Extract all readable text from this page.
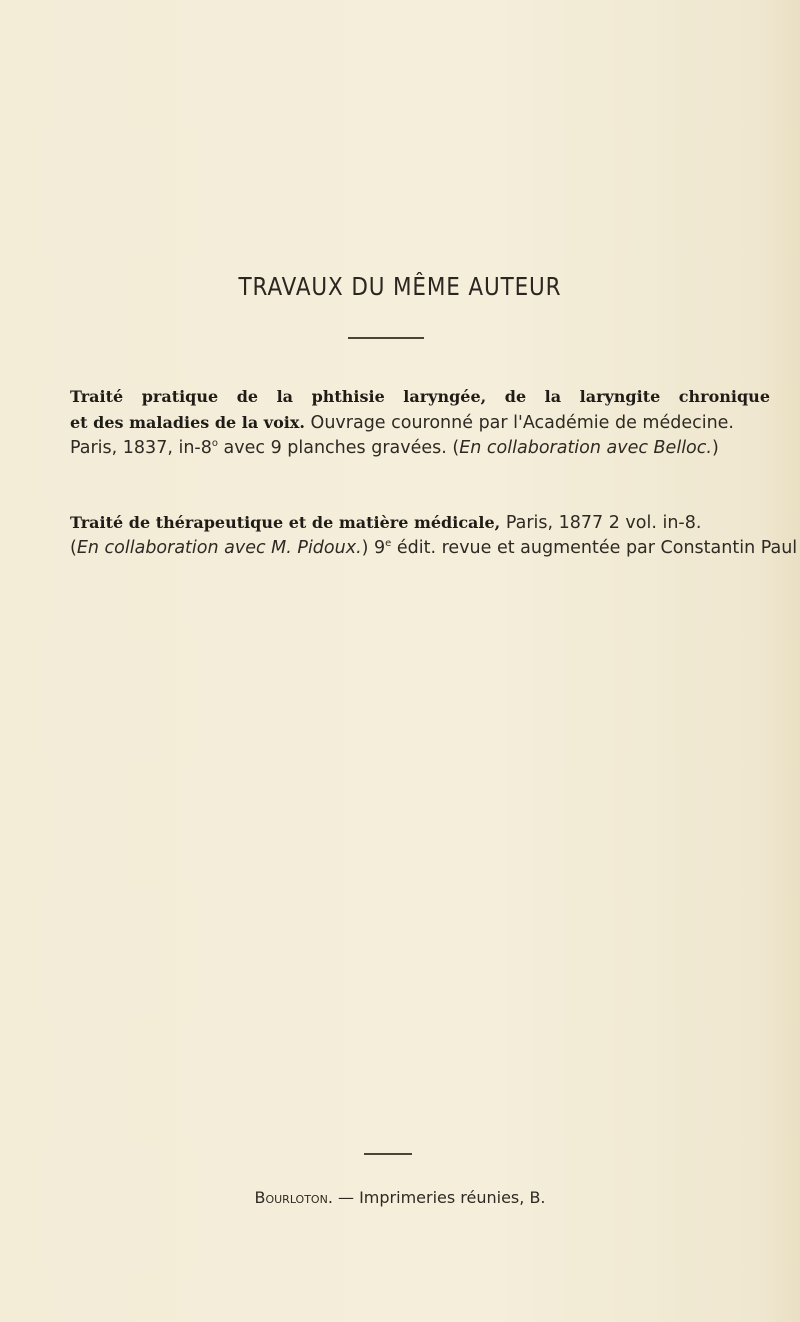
TRAVAUX DU MÊME AUTEUR
Traité pratique de la phthisie laryngée, de la laryngite chronique
et des maladies de la voix. Ouvrage couronné par l'Académie de médecine.
Paris, 1837, in-8$^o$ avec 9 planches gravées. (En collaboration avec Belloc.)
Traité de thérapeutique et de matière médicale, Paris, 1877 2 vol. in-8.
(En collaboration avec M. Pidoux.) 9e édit. revue et augmentée par Constantin Paul
Bourloton. — Imprimeries réunies, B.
